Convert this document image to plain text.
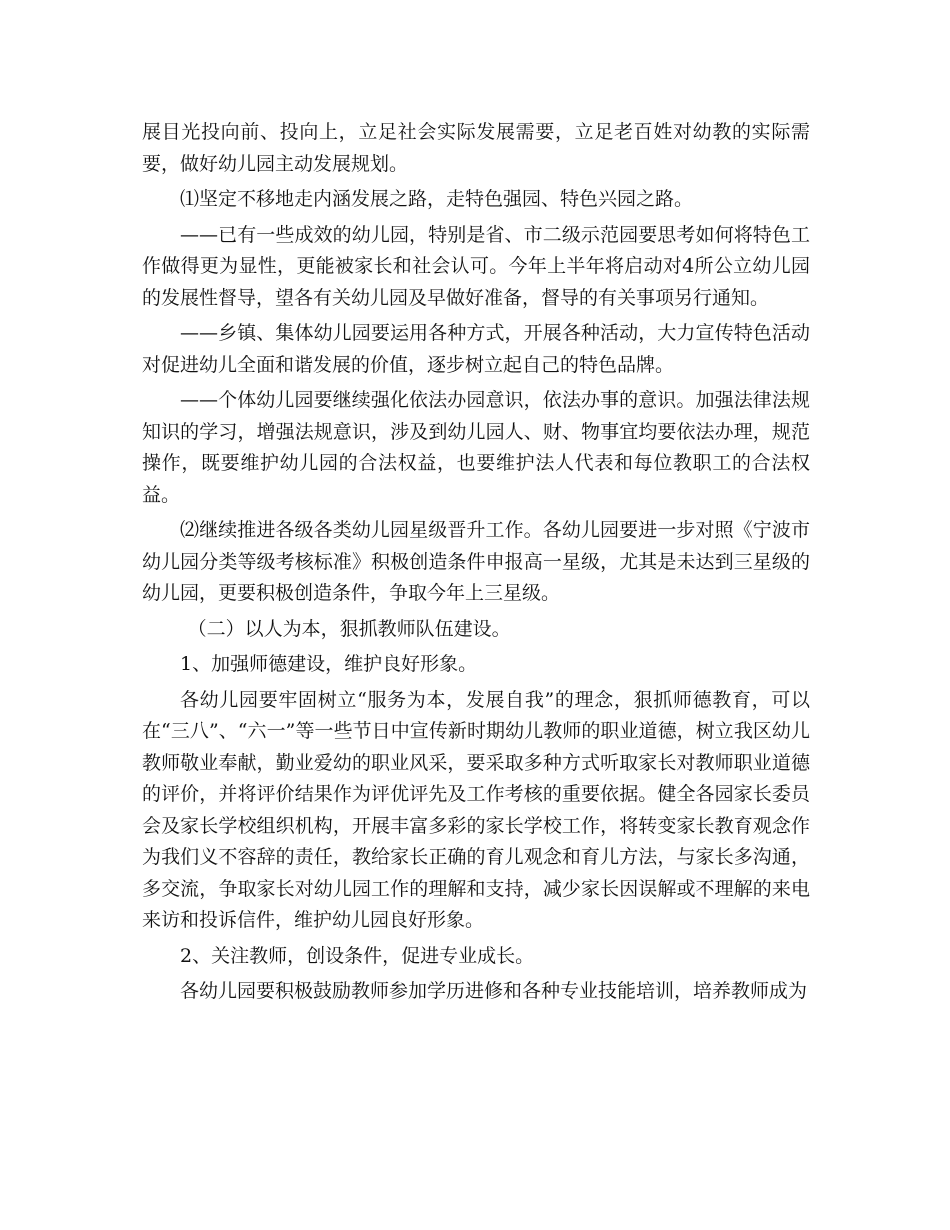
展目光投向前、投向上，立足社会实际发展需要，立足老百姓对幼教的实际需要，做好幼儿园主动发展规划。

⑴坚定不移地走内涵发展之路，走特色强园、特色兴园之路。

——已有一些成效的幼儿园，特别是省、市二级示范园要思考如何将特色工作做得更为显性，更能被家长和社会认可。今年上半年将启动对4所公立幼儿园的发展性督导，望各有关幼儿园及早做好准备，督导的有关事项另行通知。

——乡镇、集体幼儿园要运用各种方式，开展各种活动，大力宣传特色活动对促进幼儿全面和谐发展的价值，逐步树立起自己的特色品牌。

——个体幼儿园要继续强化依法办园意识，依法办事的意识。加强法律法规知识的学习，增强法规意识，涉及到幼儿园人、财、物事宜均要依法办理，规范操作，既要维护幼儿园的合法权益，也要维护法人代表和每位教职工的合法权益。

⑵继续推进各级各类幼儿园星级晋升工作。各幼儿园要进一步对照《宁波市幼儿园分类等级考核标准》积极创造条件申报高一星级，尤其是未达到三星级的幼儿园，更要积极创造条件，争取今年上三星级。

（二）以人为本，狠抓教师队伍建设。

1、加强师德建设，维护良好形象。

各幼儿园要牢固树立“服务为本，发展自我”的理念，狠抓师德教育，可以在“三八”、“六一”等一些节日中宣传新时期幼儿教师的职业道德，树立我区幼儿教师敬业奉献，勤业爱幼的职业风采，要采取多种方式听取家长对教师职业道德的评价，并将评价结果作为评优评先及工作考核的重要依据。健全各园家长委员会及家长学校组织机构，开展丰富多彩的家长学校工作，将转变家长教育观念作为我们义不容辞的责任，教给家长正确的育儿观念和育儿方法，与家长多沟通，多交流，争取家长对幼儿园工作的理解和支持，减少家长因误解或不理解的来电来访和投诉信件，维护幼儿园良好形象。

2、关注教师，创设条件，促进专业成长。

各幼儿园要积极鼓励教师参加学历进修和各种专业技能培训，培养教师成为
